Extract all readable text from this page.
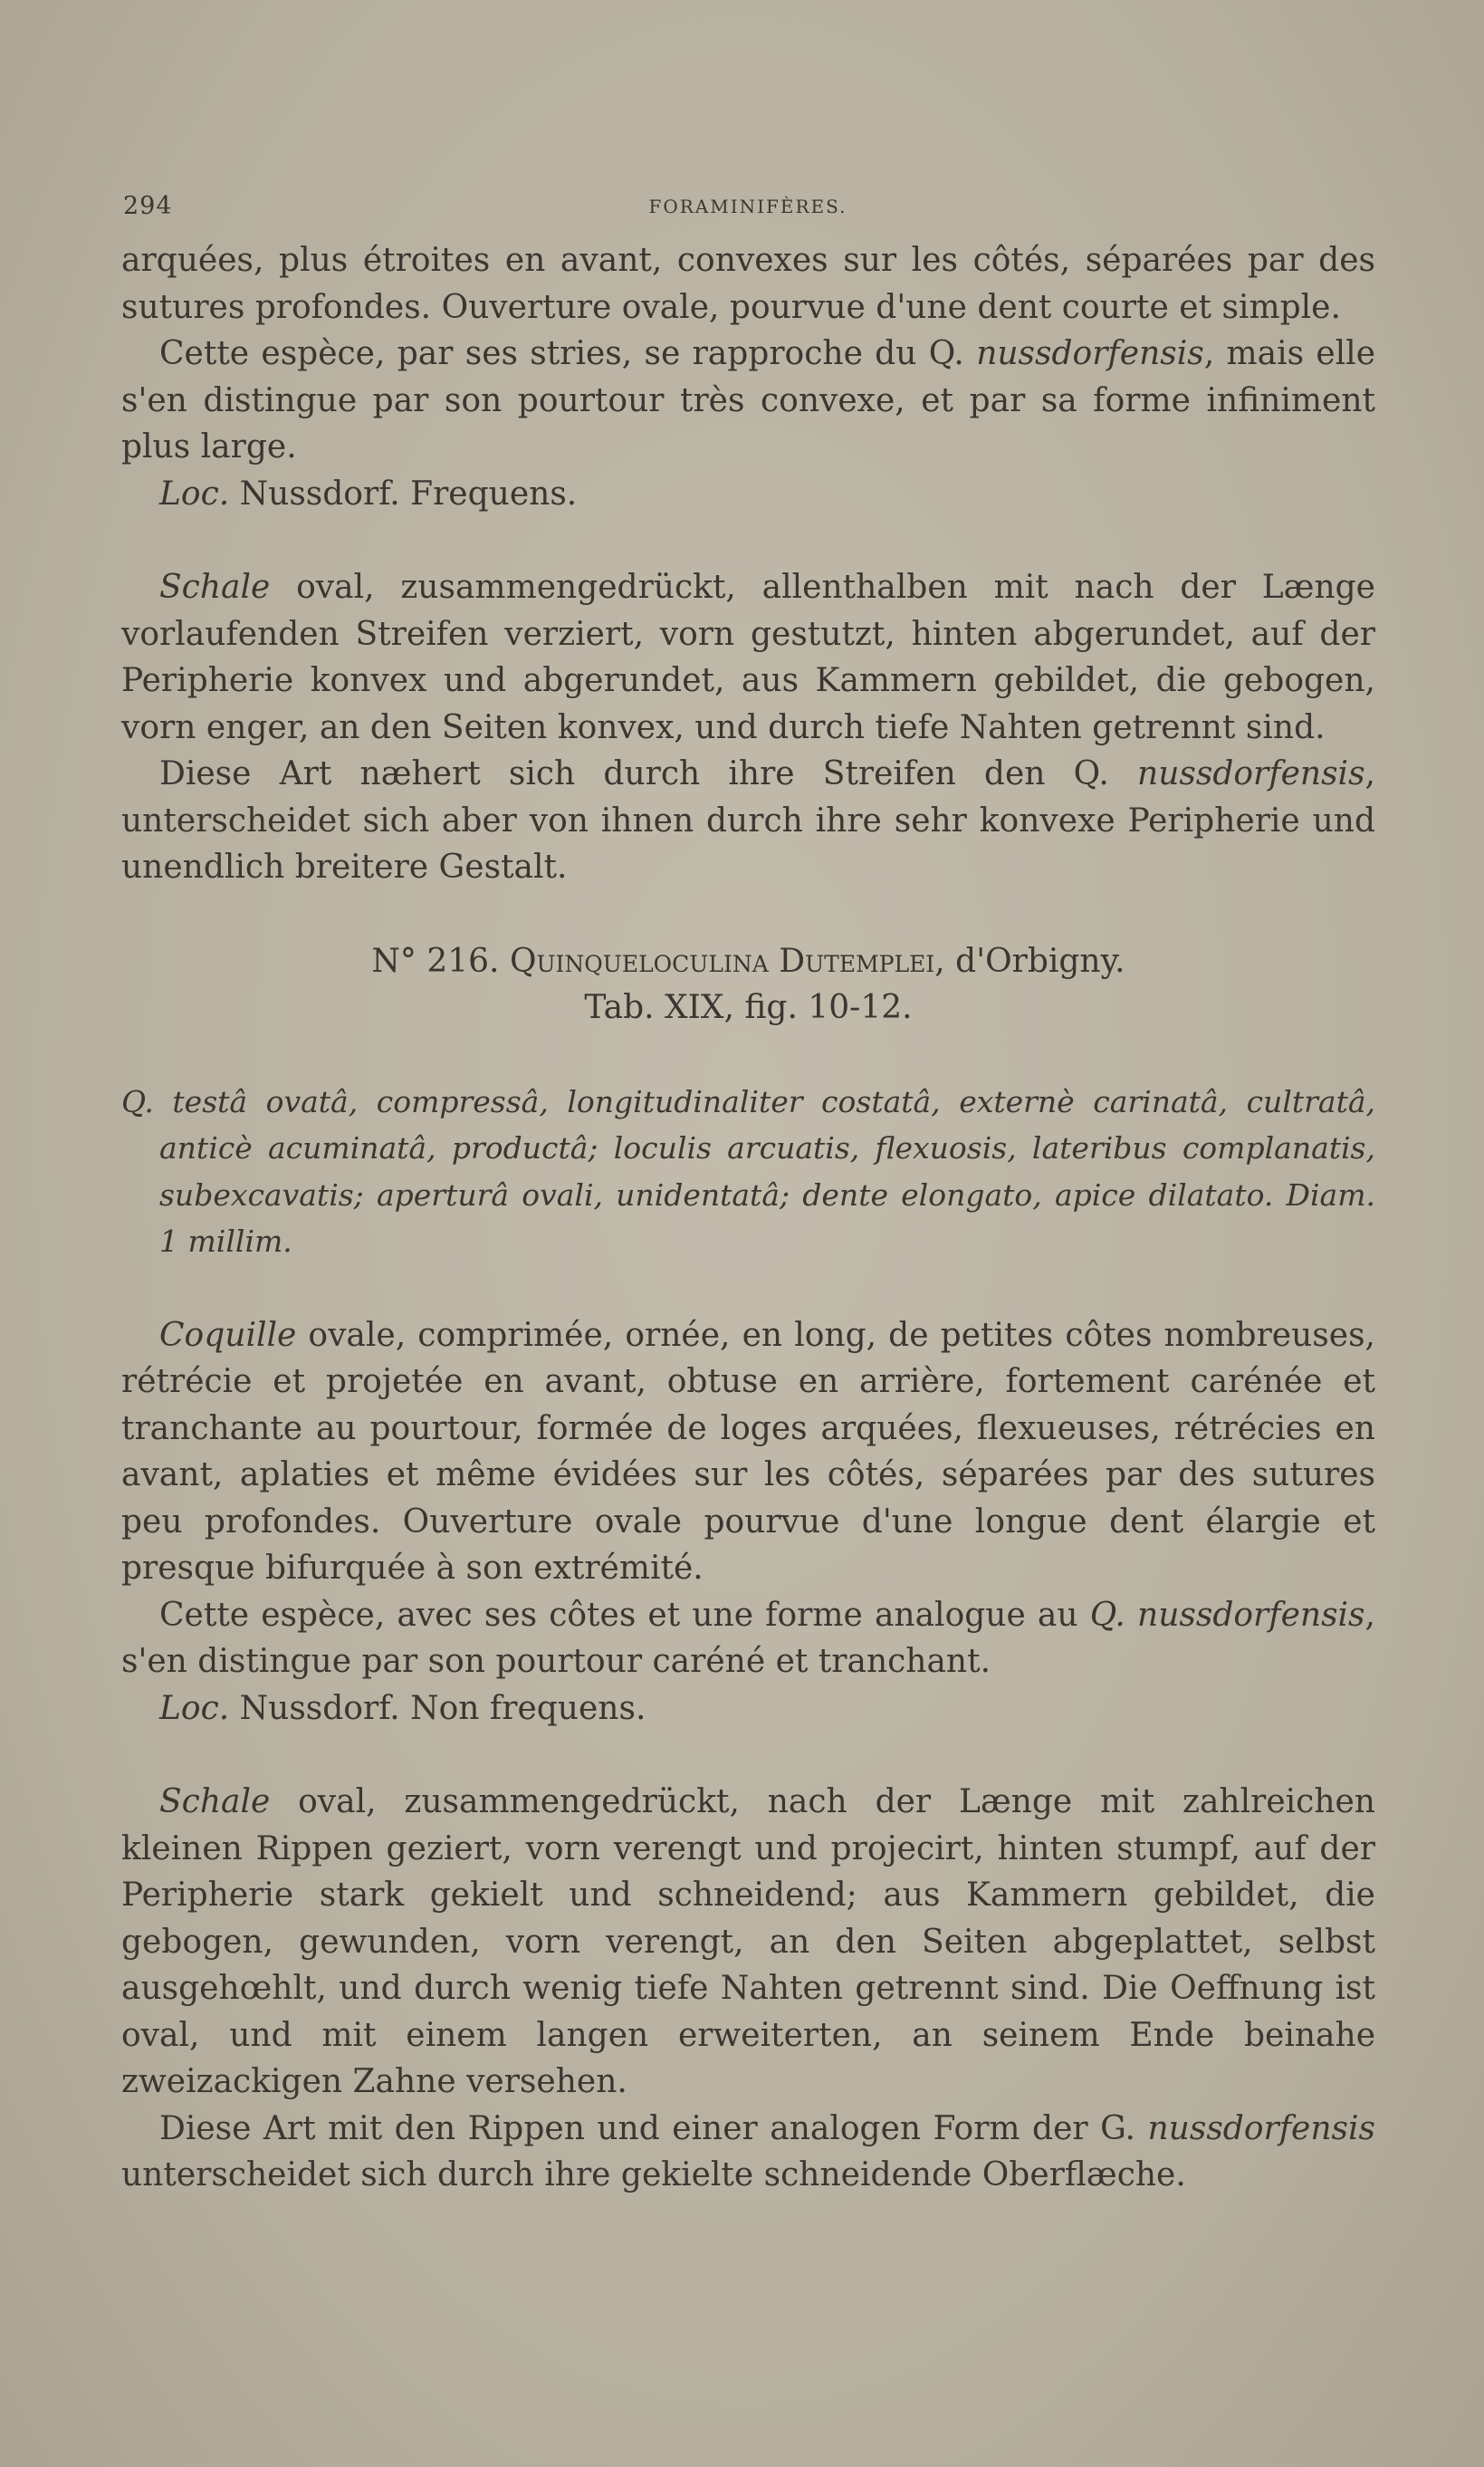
294	FORAMINIFÈRES.

arquées, plus étroites en avant, convexes sur les côtés, séparées par des sutures profondes. Ouverture ovale, pourvue d'une dent courte et simple.

Cette espèce, par ses stries, se rapproche du Q. nussdorfensis, mais elle s'en distingue par son pourtour très convexe, et par sa forme infiniment plus large.

Loc. Nussdorf. Frequens.

Schale oval, zusammengedrückt, allenthalben mit nach der Længe vorlaufenden Streifen verziert, vorn gestutzt, hinten abgerundet, auf der Peripherie konvex und abgerundet, aus Kammern gebildet, die gebogen, vorn enger, an den Seiten konvex, und durch tiefe Nahten getrennt sind.

Diese Art næhert sich durch ihre Streifen den Q. nussdorfensis, unterscheidet sich aber von ihnen durch ihre sehr konvexe Peripherie und unendlich breitere Gestalt.

N° 216. Quinqueloculina Dutemplei, d'Orbigny.

Tab. XIX, fig. 10-12.

Q. testâ ovatâ, compressâ, longitudinaliter costatâ, externè carinatâ, cultratâ, anticè acuminatâ, productâ; loculis arcuatis, flexuosis, lateribus complanatis, subexcavatis; aperturâ ovali, unidentatâ; dente elongato, apice dilatato. Diam. 1 millim.

Coquille ovale, comprimée, ornée, en long, de petites côtes nombreuses, rétrécie et projetée en avant, obtuse en arrière, fortement carénée et tranchante au pourtour, formée de loges arquées, flexueuses, rétrécies en avant, aplaties et même évidées sur les côtés, séparées par des sutures peu profondes. Ouverture ovale pourvue d'une longue dent élargie et presque bifurquée à son extrémité.

Cette espèce, avec ses côtes et une forme analogue au Q. nussdorfensis, s'en distingue par son pourtour caréné et tranchant.

Loc. Nussdorf. Non frequens.

Schale oval, zusammengedrückt, nach der Længe mit zahlreichen kleinen Rippen geziert, vorn verengt und projecirt, hinten stumpf, auf der Peripherie stark gekielt und schneidend; aus Kammern gebildet, die gebogen, gewunden, vorn verengt, an den Seiten abgeplattet, selbst ausgehœhlt, und durch wenig tiefe Nahten getrennt sind. Die Oeffnung ist oval, und mit einem langen erweiterten, an seinem Ende beinahe zweizackigen Zahne versehen.

Diese Art mit den Rippen und einer analogen Form der G. nussdorfensis unterscheidet sich durch ihre gekielte schneidende Oberflæche.
